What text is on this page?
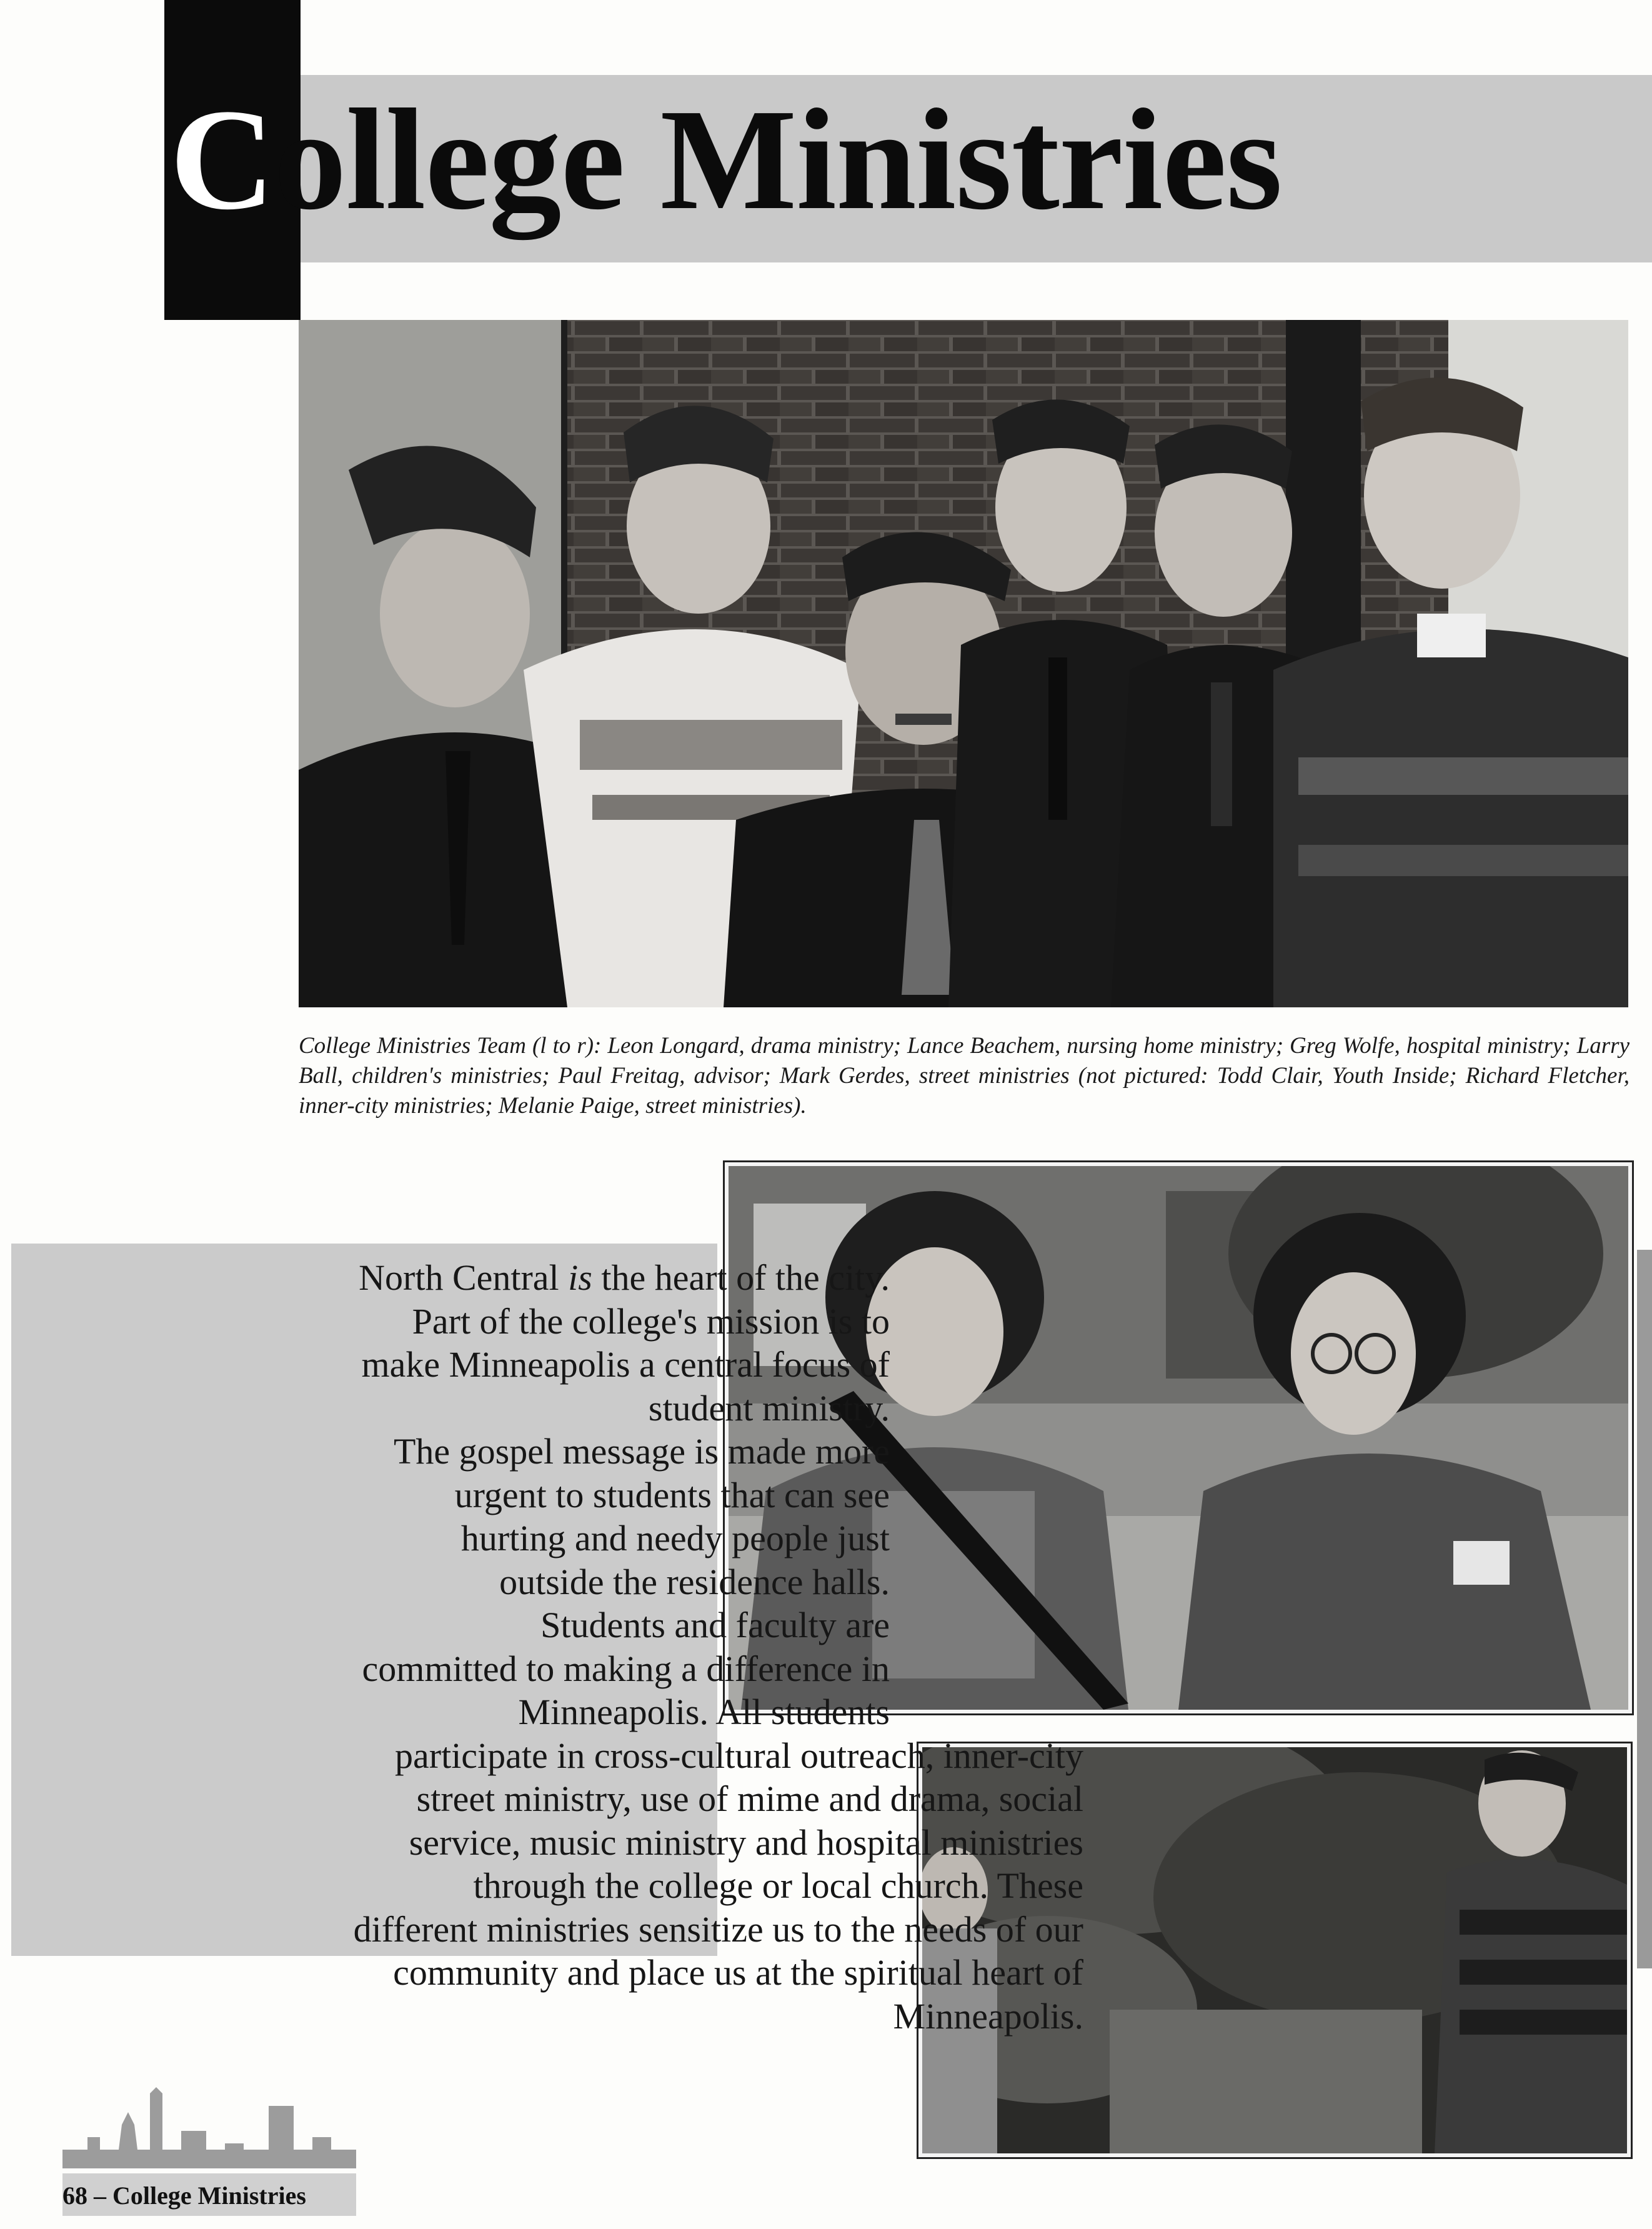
College Ministries
College Ministries Team (l to r): Leon Longard, drama ministry; Lance Beachem, nursing home ministry; Greg Wolfe, hospital ministry; Larry Ball, children's ministries; Paul Freitag, advisor; Mark Gerdes, street ministries (not pictured: Todd Clair, Youth Inside; Richard Fletcher, inner-city ministries; Melanie Paige, street ministries).
North Central is the heart of the city.
Part of the college's mission is to
make Minneapolis a central focus of
student ministry.
The gospel message is made more
urgent to students that can see
hurting and needy people just
outside the residence halls.
Students and faculty are
committed to making a difference in
Minneapolis. All students
participate in cross-cultural outreach, inner-city
street ministry, use of mime and drama, social
service, music ministry and hospital ministries
through the college or local church. These
different ministries sensitize us to the needs of our
community and place us at the spiritual heart of
Minneapolis.
68 – College Ministries
